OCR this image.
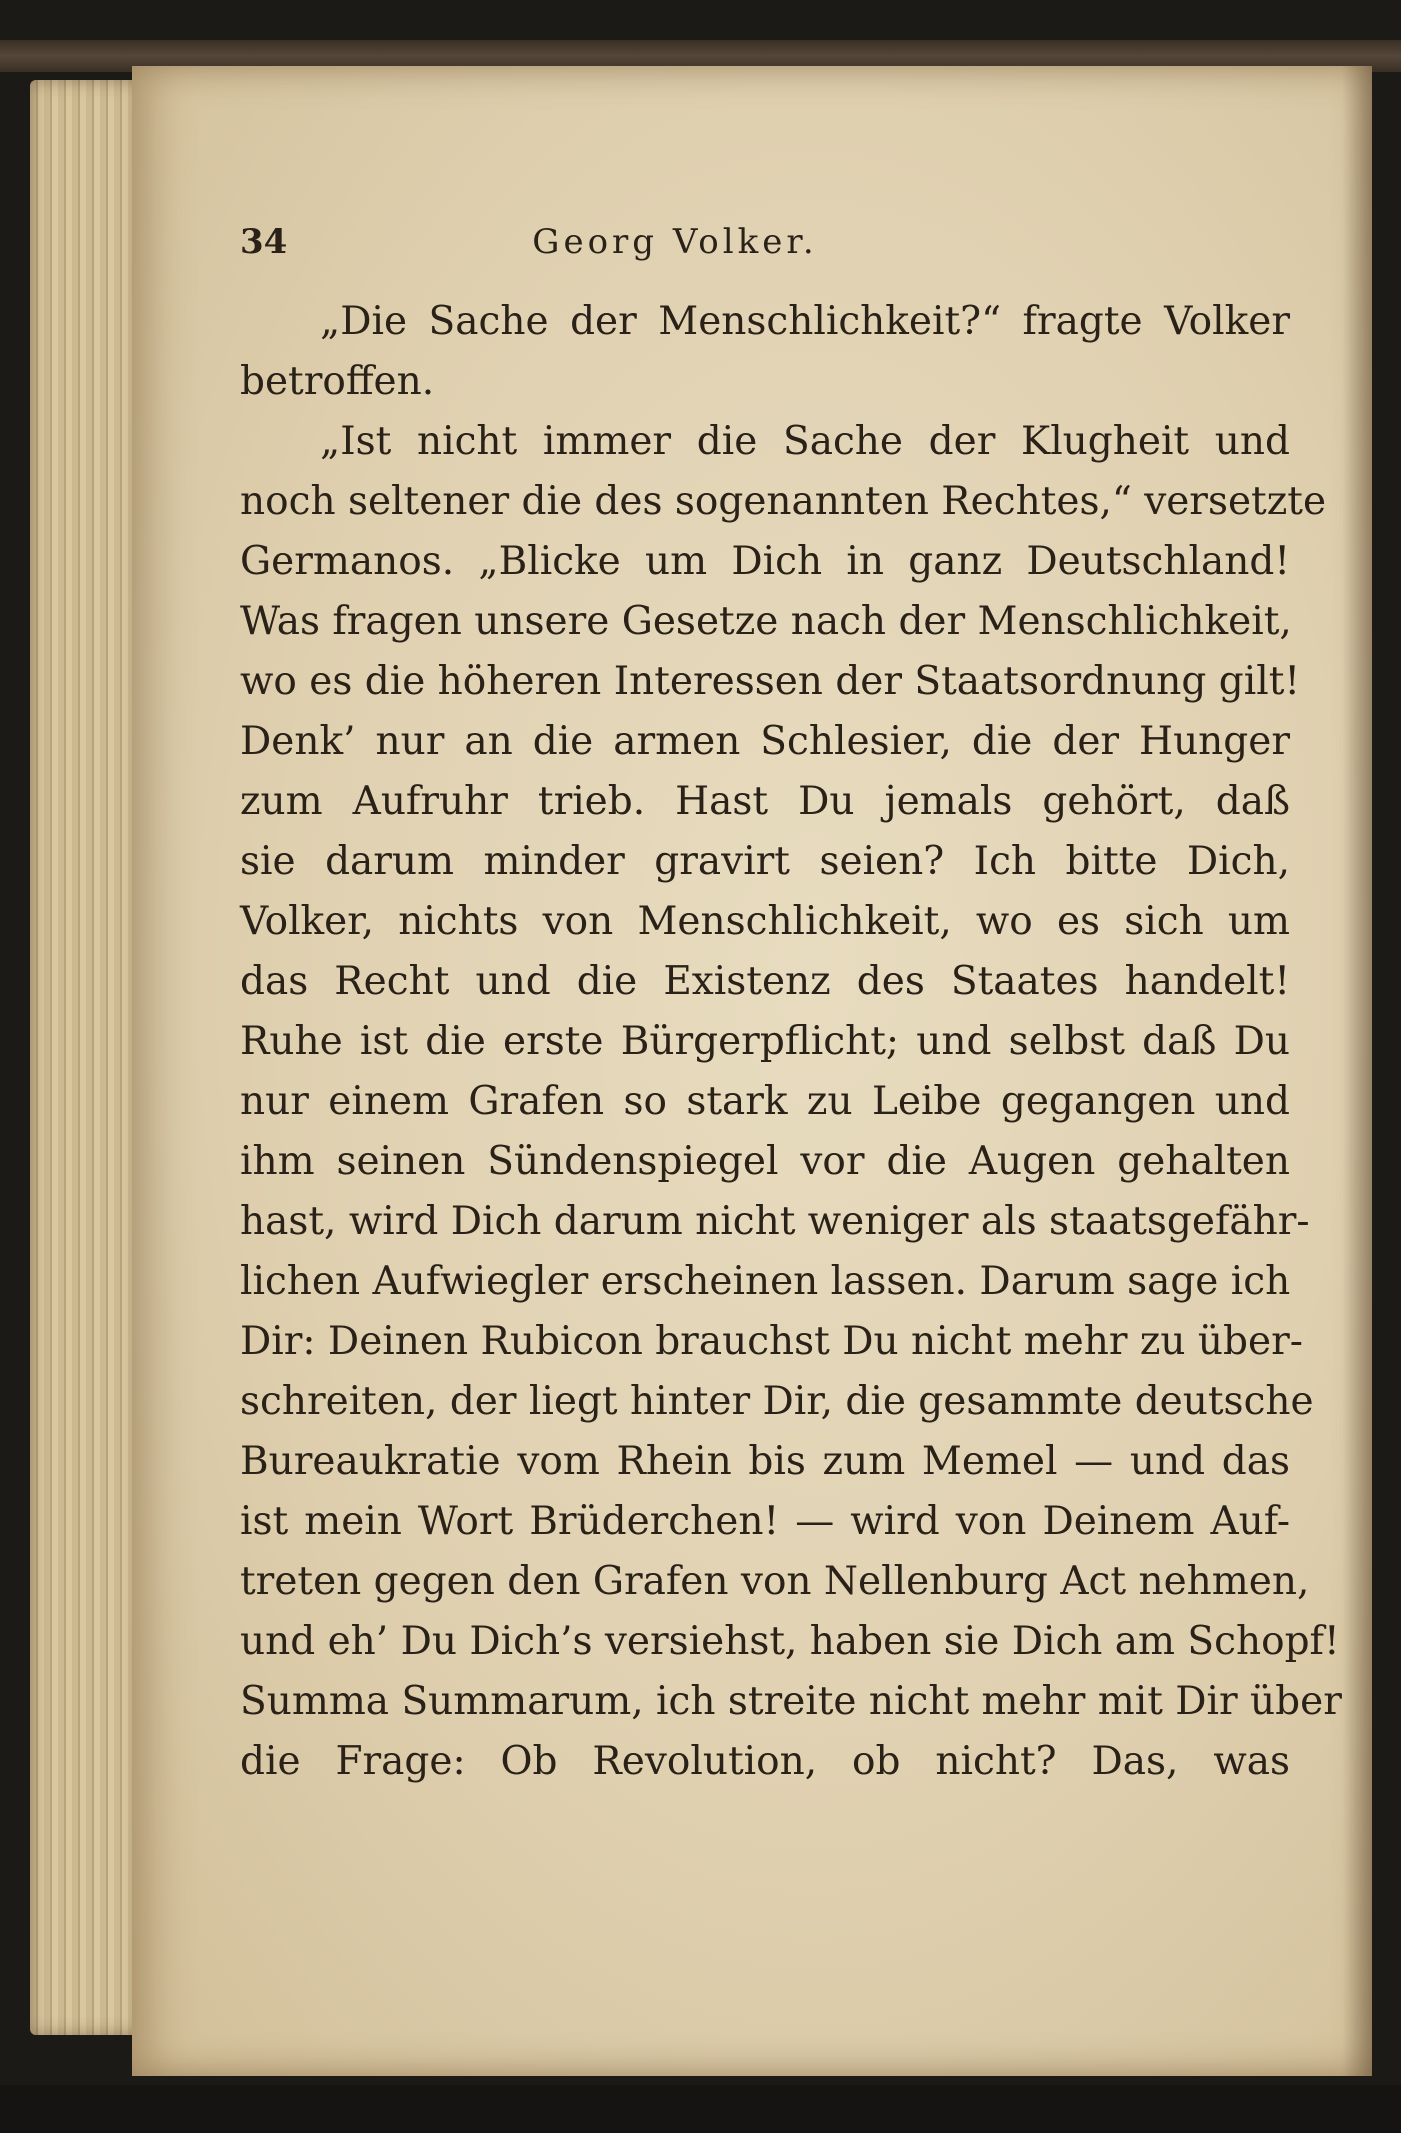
34	Georg Volker.
„Die Sache der Menschlichkeit?“ fragte Volker
betroffen.
„Ist nicht immer die Sache der Klugheit und
noch seltener die des sogenannten Rechtes,“ versetzte
Germanos. „Blicke um Dich in ganz Deutschland!
Was fragen unsere Gesetze nach der Menschlichkeit,
wo es die höheren Interessen der Staatsordnung gilt!
Denk’ nur an die armen Schlesier, die der Hunger
zum Aufruhr trieb. Hast Du jemals gehört, daß
sie darum minder gravirt seien? Ich bitte Dich,
Volker, nichts von Menschlichkeit, wo es sich um
das Recht und die Existenz des Staates handelt!
Ruhe ist die erste Bürgerpflicht; und selbst daß Du
nur einem Grafen so stark zu Leibe gegangen und
ihm seinen Sündenspiegel vor die Augen gehalten
hast, wird Dich darum nicht weniger als staatsgefähr-
lichen Aufwiegler erscheinen lassen. Darum sage ich
Dir: Deinen Rubicon brauchst Du nicht mehr zu über-
schreiten, der liegt hinter Dir, die gesammte deutsche
Bureaukratie vom Rhein bis zum Memel — und das
ist mein Wort Brüderchen! — wird von Deinem Auf-
treten gegen den Grafen von Nellenburg Act nehmen,
und eh’ Du Dich’s versiehst, haben sie Dich am Schopf!
Summa Summarum, ich streite nicht mehr mit Dir über
die Frage: Ob Revolution, ob nicht? Das, was
